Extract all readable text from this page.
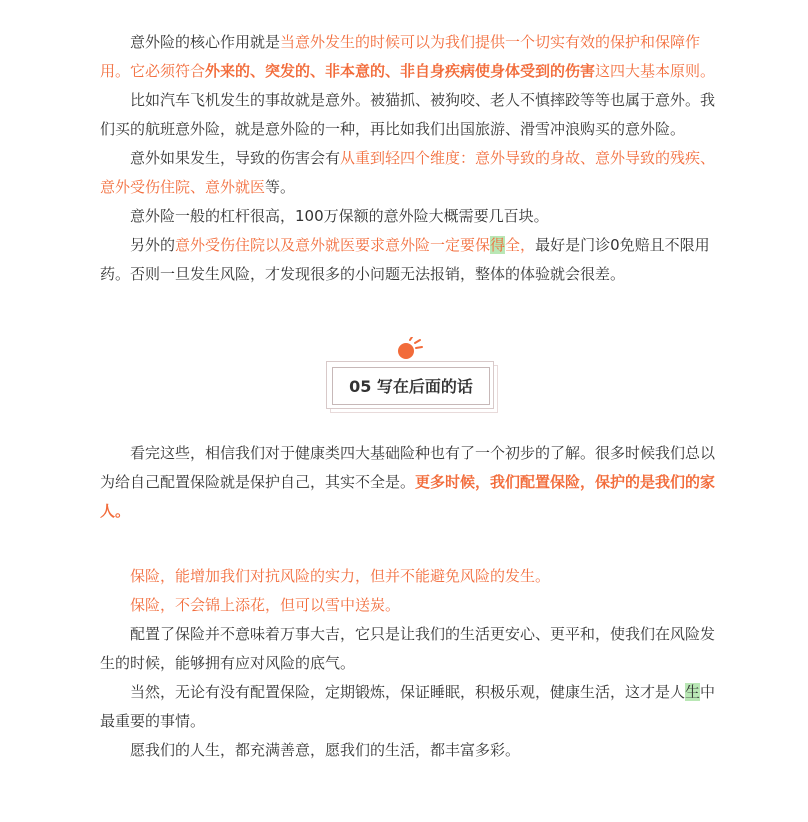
意外险的核心作用就是当意外发生的时候可以为我们提供一个切实有效的保护和保障作用。它必须符合外来的、突发的、非本意的、非自身疾病使身体受到的伤害这四大基本原则。

比如汽车飞机发生的事故就是意外。被猫抓、被狗咬、老人不慎摔跤等等也属于意外。我们买的航班意外险，就是意外险的一种，再比如我们出国旅游、滑雪冲浪购买的意外险。

意外如果发生，导致的伤害会有从重到轻四个维度：意外导致的身故、意外导致的残疾、意外受伤住院、意外就医等。

意外险一般的杠杆很高，100万保额的意外险大概需要几百块。

另外的意外受伤住院以及意外就医要求意外险一定要保得全，最好是门诊0免赔且不限用药。否则一旦发生风险，才发现很多的小问题无法报销，整体的体验就会很差。

05 写在后面的话

看完这些，相信我们对于健康类四大基础险种也有了一个初步的了解。很多时候我们总以为给自己配置保险就是保护自己，其实不全是。更多时候，我们配置保险，保护的是我们的家人。

保险，能增加我们对抗风险的实力，但并不能避免风险的发生。

保险，不会锦上添花，但可以雪中送炭。

配置了保险并不意味着万事大吉，它只是让我们的生活更安心、更平和，使我们在风险发生的时候，能够拥有应对风险的底气。

当然，无论有没有配置保险，定期锻炼，保证睡眠，积极乐观，健康生活，这才是人生中最重要的事情。

愿我们的人生，都充满善意，愿我们的生活，都丰富多彩。
